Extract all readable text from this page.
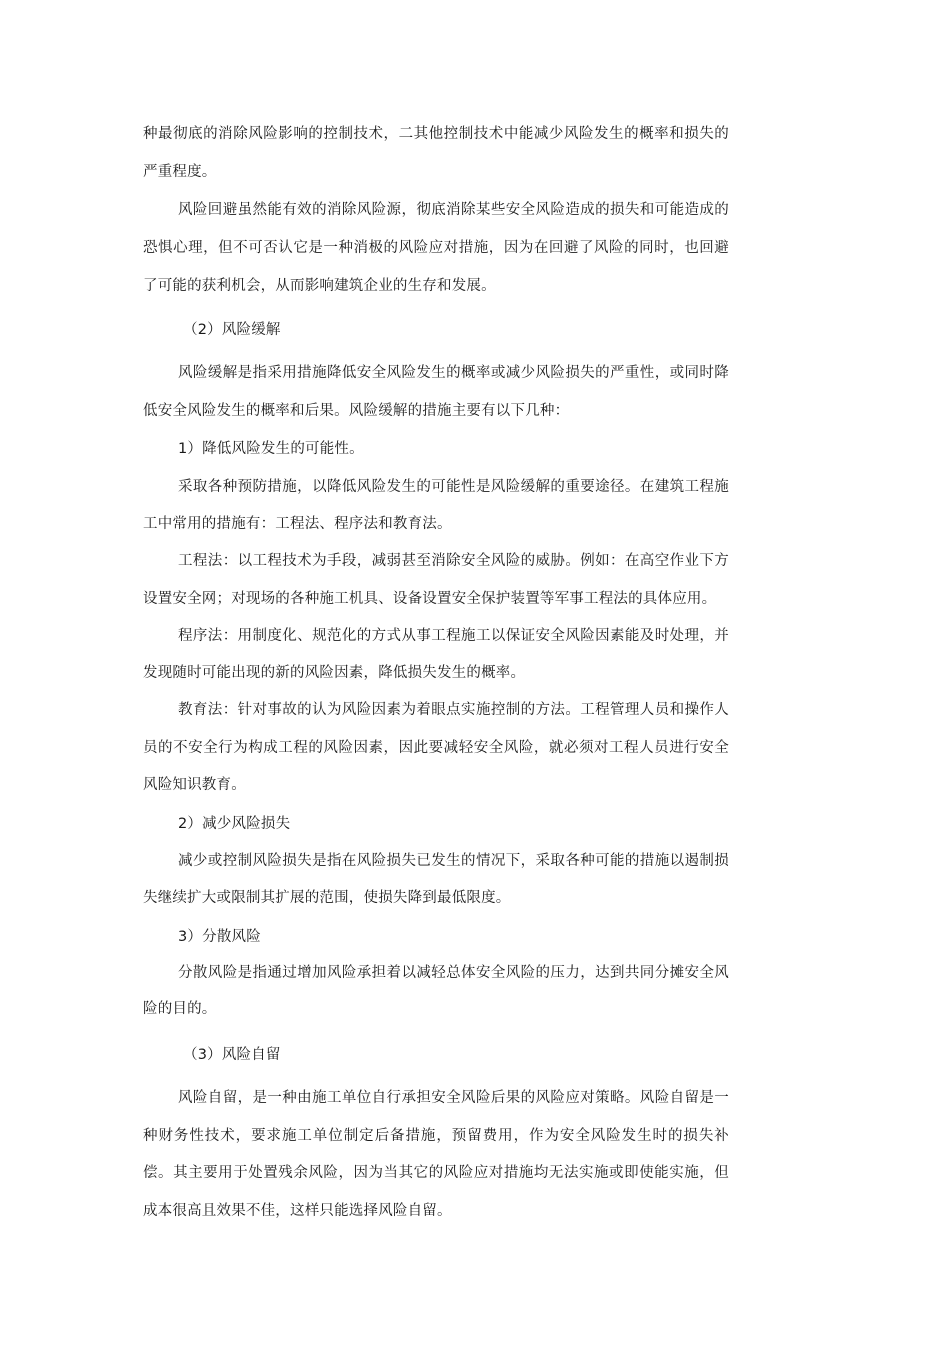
种最彻底的消除风险影响的控制技术，二其他控制技术中能减少风险发生的概率和损失的
严重程度。
风险回避虽然能有效的消除风险源，彻底消除某些安全风险造成的损失和可能造成的
恐惧心理，但不可否认它是一种消极的风险应对措施，因为在回避了风险的同时，也回避
了可能的获利机会，从而影响建筑企业的生存和发展。
（2）风险缓解
风险缓解是指采用措施降低安全风险发生的概率或减少风险损失的严重性，或同时降
低安全风险发生的概率和后果。风险缓解的措施主要有以下几种：
1）降低风险发生的可能性。
采取各种预防措施，以降低风险发生的可能性是风险缓解的重要途径。在建筑工程施
工中常用的措施有：工程法、程序法和教育法。
工程法：以工程技术为手段，减弱甚至消除安全风险的威胁。例如：在高空作业下方
设置安全网；对现场的各种施工机具、设备设置安全保护装置等军事工程法的具体应用。
程序法：用制度化、规范化的方式从事工程施工以保证安全风险因素能及时处理，并
发现随时可能出现的新的风险因素，降低损失发生的概率。
教育法：针对事故的认为风险因素为着眼点实施控制的方法。工程管理人员和操作人
员的不安全行为构成工程的风险因素，因此要减轻安全风险，就必须对工程人员进行安全
风险知识教育。
2）减少风险损失
减少或控制风险损失是指在风险损失已发生的情况下，采取各种可能的措施以遏制损
失继续扩大或限制其扩展的范围，使损失降到最低限度。
3）分散风险
分散风险是指通过增加风险承担着以减轻总体安全风险的压力，达到共同分摊安全风
险的目的。
（3）风险自留
风险自留，是一种由施工单位自行承担安全风险后果的风险应对策略。风险自留是一
种财务性技术，要求施工单位制定后备措施，预留费用，作为安全风险发生时的损失补
偿。其主要用于处置残余风险，因为当其它的风险应对措施均无法实施或即使能实施，但
成本很高且效果不佳，这样只能选择风险自留。
